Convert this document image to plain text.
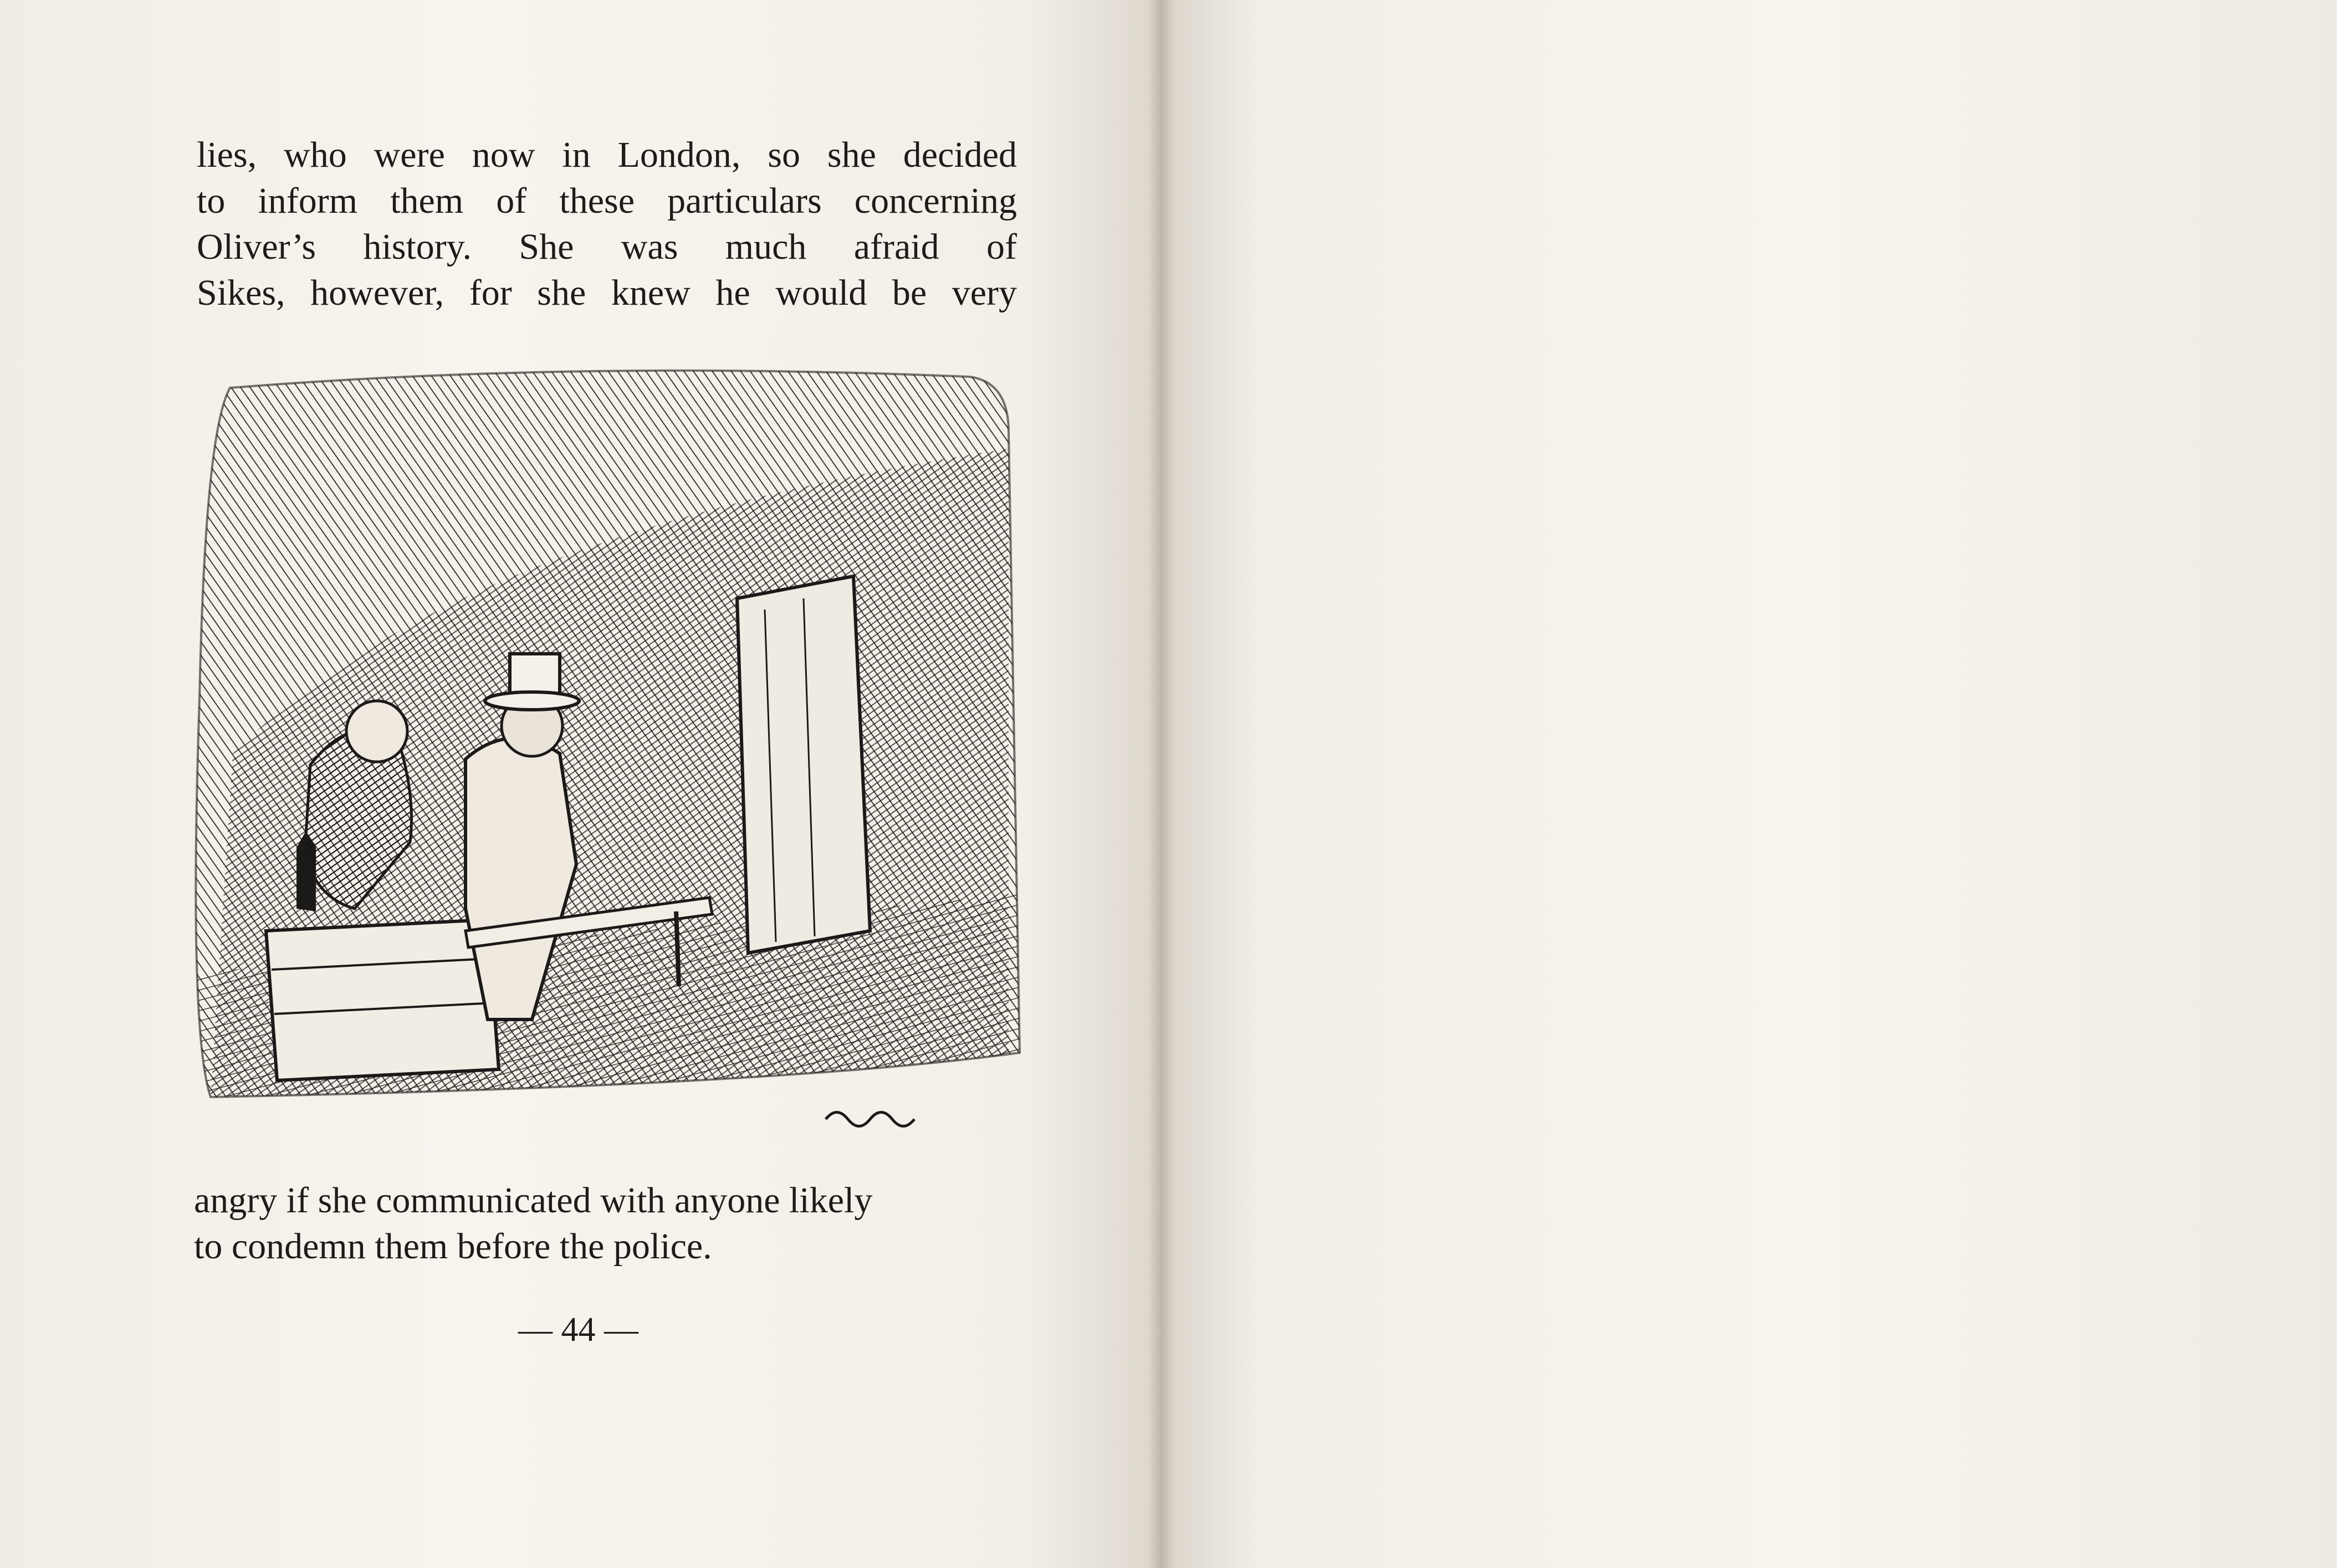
lies, who were now in London, so she decided
to inform them of these particulars concerning
Oliver’s history. She was much afraid of
Sikes, however, for she knew he would be very

angry if she communicated with anyone likely
to condemn them before the police.

— 44 —
